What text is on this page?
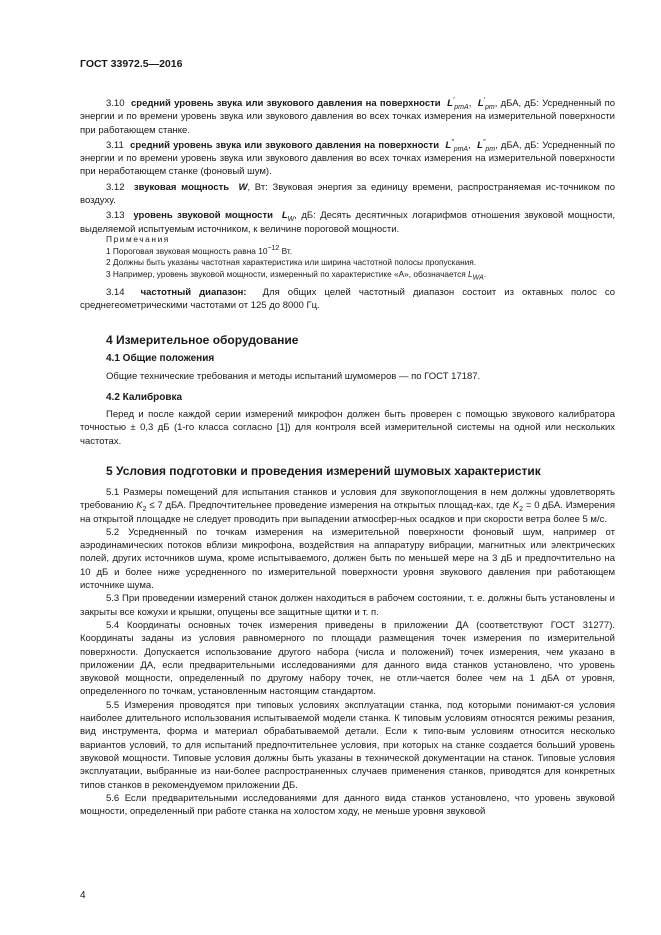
ГОСТ 33972.5—2016

3.10  средний уровень звука или звукового давления на поверхности $L'_{pmA}$,  $L'_{pm}$, дБА, дБ: Усредненный по энергии и по времени уровень звука или звукового давления во всех точках измерения на измерительной поверхности при работающем станке.

3.11  средний уровень звука или звукового давления на поверхности $L''_{pmA}$,  $L''_{pm}$, дБА, дБ: Усредненный по энергии и по времени уровень звука или звукового давления во всех точках измерения на измерительной поверхности при неработающем станке (фоновый шум).

3.12  звуковая мощность W, Вт: Звуковая энергия за единицу времени, распространяемая ис-точником по воздуху.

3.13  уровень звуковой мощности $L_W$, дБ: Десять десятичных логарифмов отношения звуковой мощности, выделяемой испытуемым источником, к величине пороговой мощности.

Примечания
1 Пороговая звуковая мощность равна $10^{-12}$ Вт.
2 Должны быть указаны частотная характеристика или ширина частотной полосы пропускания.
3 Например, уровень звуковой мощности, измеренный по характеристике «А», обозначается $L_{WA}$.

3.14 частотный диапазон: Для общих целей частотный диапазон состоит из октавных полос со среднегеометрическими частотами от 125 до 8000 Гц.

4 Измерительное оборудование

4.1 Общие положения

Общие технические требования и методы испытаний шумомеров — по ГОСТ 17187.

4.2 Калибровка

Перед и после каждой серии измерений микрофон должен быть проверен с помощью звукового калибратора точностью ± 0,3 дБ (1-го класса согласно [1]) для контроля всей измерительной системы на одной или нескольких частотах.

5 Условия подготовки и проведения измерений шумовых характеристик

5.1 Размеры помещений для испытания станков и условия для звукопоглощения в нем должны удовлетворять требованию $K_2 \le 7$ дБА. Предпочтительнее проведение измерения на открытых площад-ках, где $K_2 = 0$ дБА. Измерения на открытой площадке не следует проводить при выпадении атмосфер-ных осадков и при скорости ветра более 5 м/с.

5.2 Усредненный по точкам измерения на измерительной поверхности фоновый шум, например от аэродинамических потоков вблизи микрофона, воздействия на аппаратуру вибрации, магнитных или электрических полей, других источников шума, кроме испытываемого, должен быть по меньшей мере на 3 дБ и предпочтительно на 10 дБ и более ниже усредненного по измерительной поверхности уровня звукового давления при работающем источнике шума.

5.3 При проведении измерений станок должен находиться в рабочем состоянии, т. е. должны быть установлены и закрыты все кожухи и крышки, опущены все защитные щитки и т. п.

5.4 Координаты основных точек измерения приведены в приложении ДА (соответствуют ГОСТ 31277). Координаты заданы из условия равномерного по площади размещения точек измерения по измерительной поверхности. Допускается использование другого набора (числа и положений) точек измерения, чем указано в приложении ДА, если предварительными исследованиями для данного вида станков установлено, что уровень звуковой мощности, определенный по другому набору точек, не отли-чается более чем на 1 дБА от уровня, определенного по точкам, установленным настоящим стандартом.

5.5 Измерения проводятся при типовых условиях эксплуатации станка, под которыми понимают-ся условия наиболее длительного использования испытываемой модели станка. К типовым условиям относятся режимы резания, вид инструмента, форма и материал обрабатываемой детали. Если к типо-вым условиям относится несколько вариантов условий, то для испытаний предпочтительнее условия, при которых на станке создается больший уровень звуковой мощности. Типовые условия должны быть указаны в технической документации на станок. Типовые условия эксплуатации, выбранные из наи-более распространенных случаев применения станков, приводятся для конкретных типов станков в рекомендуемом приложении ДБ.

5.6 Если предварительными исследованиями для данного вида станков установлено, что уровень звуковой мощности, определенный при работе станка на холостом ходу, не меньше уровня звуковой

4
